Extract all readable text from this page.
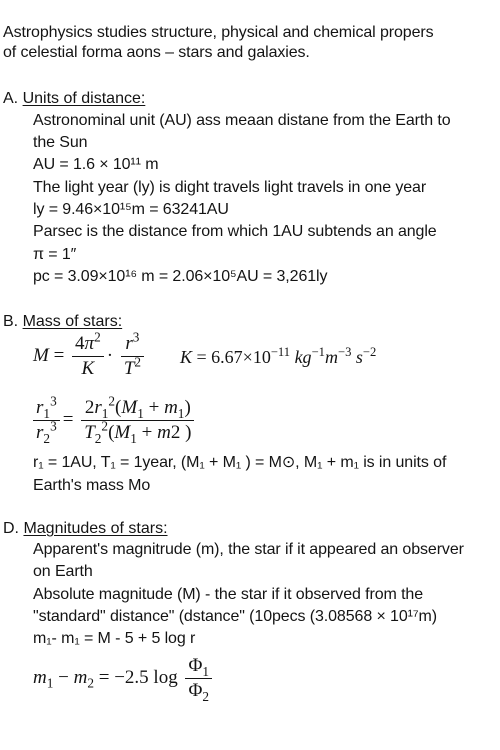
Astrophysics studies structure, physical and chemical propers
of celestial forma aons – stars and galaxies.
A. Units of distance:
Astronominal unit (AU) ass meaan distane from the Earth to
the Sun
AU = 1.6 × 10¹¹ m
The light year (ly) is dight travels light travels in one year
ly = 9.46×10¹⁵m = 63241AU
Parsec is the distance from which 1AU subtends an angle
π = 1″
pc = 3.09×10¹⁶ m = 2.06×10⁵AU = 3,261ly
B. Mass of stars:
$M = \frac{4\pi^2}{K} \cdot \frac{r^3}{T^2}$ $K = 6.67\times 10^{-11}$ $kg^{-1}m^{-3}$ $s^{-2}$
$\frac{r_1^3}{r_2^3} = \frac{2r_1^2(M_1 + m_1)}{T_2^2(M_1 + m2 )}$
r₁ = 1AU, T₁ = 1year, (M₁ + M₁ ) = M⊙, M₁ + m₁ is in units of
Earth's mass Mo
D. Magnitudes of stars:
Apparent's magnitrude (m), the star if it appeared an observer
on Earth
Absolute magnitude (M) - the star if it observed from the
"standard" distance" (dstance" (10pecs (3.08568 × 10¹⁷m)
m₁- m₁ = M - 5 + 5 log r
$m_1 - m_2 = -2.5$ $\log \frac{\Phi_1}{\Phi_2}$
